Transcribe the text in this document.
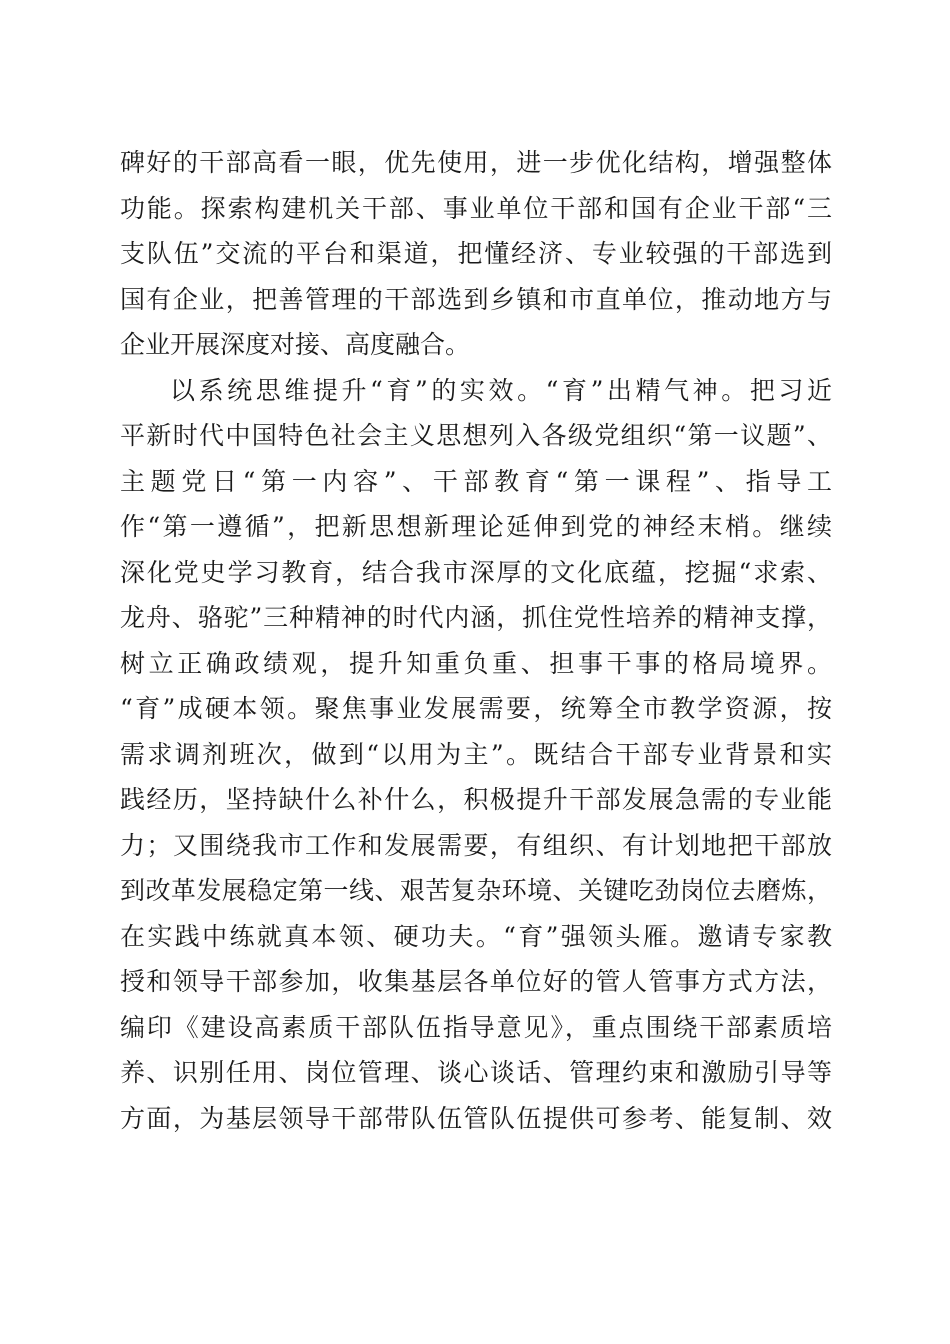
碑好的干部高看一眼，优先使用，进一步优化结构，增强整体
功能。探索构建机关干部、事业单位干部和国有企业干部“三
支队伍”交流的平台和渠道，把懂经济、专业较强的干部选到
国有企业，把善管理的干部选到乡镇和市直单位，推动地方与
企业开展深度对接、高度融合。
以系统思维提升“育”的实效。“育”出精气神。把习近
平新时代中国特色社会主义思想列入各级党组织“第一议题”、
主题党日“第一内容”、干部教育“第一课程”、指导工
作“第一遵循”，把新思想新理论延伸到党的神经末梢。继续
深化党史学习教育，结合我市深厚的文化底蕴，挖掘“求索、
龙舟、骆驼”三种精神的时代内涵，抓住党性培养的精神支撑，
树立正确政绩观，提升知重负重、担事干事的格局境界。
“育”成硬本领。聚焦事业发展需要，统筹全市教学资源，按
需求调剂班次，做到“以用为主”。既结合干部专业背景和实
践经历，坚持缺什么补什么，积极提升干部发展急需的专业能
力；又围绕我市工作和发展需要，有组织、有计划地把干部放
到改革发展稳定第一线、艰苦复杂环境、关键吃劲岗位去磨炼，
在实践中练就真本领、硬功夫。“育”强领头雁。邀请专家教
授和领导干部参加，收集基层各单位好的管人管事方式方法，
编印《建设高素质干部队伍指导意见》，重点围绕干部素质培
养、识别任用、岗位管理、谈心谈话、管理约束和激励引导等
方面，为基层领导干部带队伍管队伍提供可参考、能复制、效
